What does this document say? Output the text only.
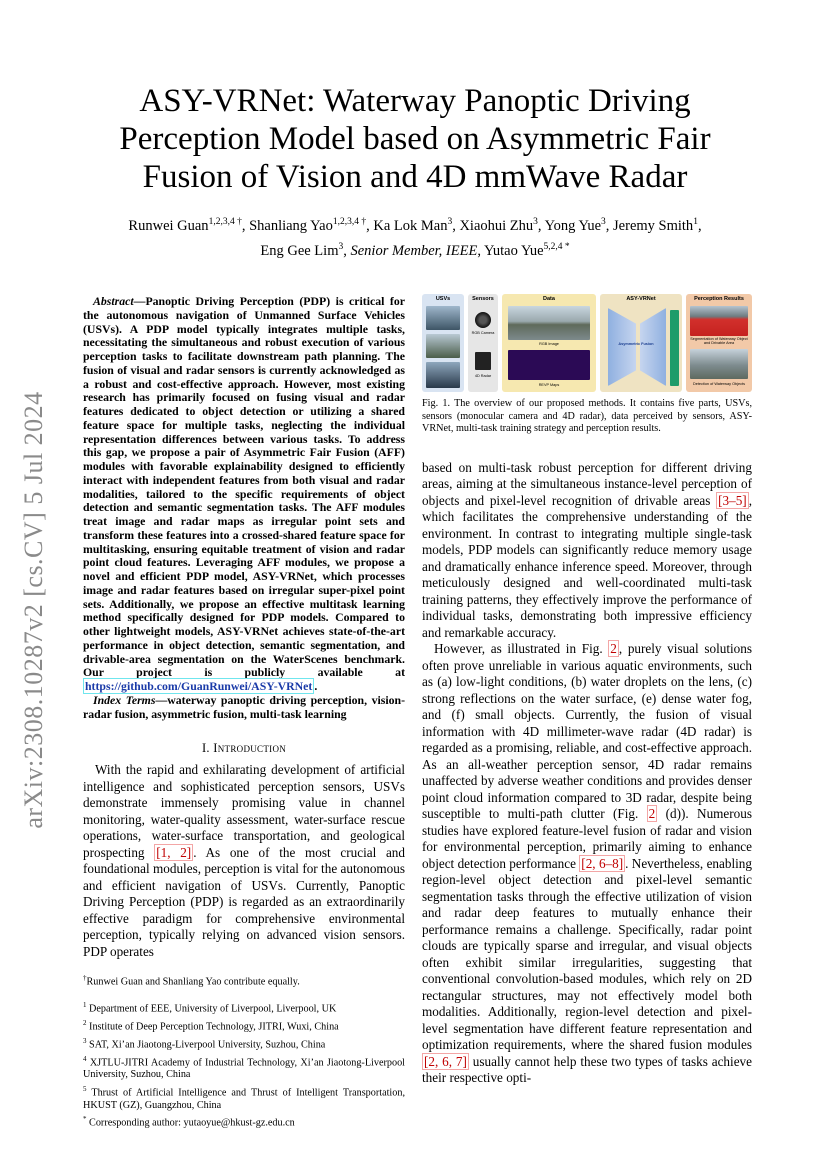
arXiv:2308.10287v2 [cs.CV] 5 Jul 2024
ASY-VRNet: Waterway Panoptic Driving Perception Model based on Asymmetric Fair Fusion of Vision and 4D mmWave Radar
Runwei Guan$^{1,2,3,4 \dagger}$, Shanliang Yao$^{1,2,3,4 \dagger}$, Ka Lok Man$^3$, Xiaohui Zhu$^3$, Yong Yue$^3$, Jeremy Smith$^1$,
Eng Gee Lim$^3$, Senior Member, IEEE, Yutao Yue$^{5,2,4 *}$

Abstract—Panoptic Driving Perception (PDP) is critical for the autonomous navigation of Unmanned Surface Vehicles (USVs). A PDP model typically integrates multiple tasks, necessitating the simultaneous and robust execution of various perception tasks to facilitate downstream path planning. The fusion of visual and radar sensors is currently acknowledged as a robust and cost-effective approach. However, most existing research has primarily focused on fusing visual and radar features dedicated to object detection or utilizing a shared feature space for multiple tasks, neglecting the individual representation differences between various tasks. To address this gap, we propose a pair of Asymmetric Fair Fusion (AFF) modules with favorable explainability designed to efficiently interact with independent features from both visual and radar modalities, tailored to the specific requirements of object detection and semantic segmentation tasks. The AFF modules treat image and radar maps as irregular point sets and transform these features into a crossed-shared feature space for multitasking, ensuring equitable treatment of vision and radar point cloud features. Leveraging AFF modules, we propose a novel and efficient PDP model, ASY-VRNet, which processes image and radar features based on irregular super-pixel point sets. Additionally, we propose an effective multitask learning method specifically designed for PDP models. Compared to other lightweight models, ASY-VRNet achieves state-of-the-art performance in object detection, semantic segmentation, and drivable-area segmentation on the WaterScenes benchmark. Our project is publicly available at https://github.com/GuanRunwei/ASY-VRNet .

Index Terms—waterway panoptic driving perception, vision-radar fusion, asymmetric fusion, multi-task learning

I. Introduction

With the rapid and exhilarating development of artificial intelligence and sophisticated perception sensors, USVs demonstrate immensely promising value in channel monitoring, water-quality assessment, water-surface rescue operations, water-surface transportation, and geological prospecting [1, 2] . As one of the most crucial and foundational modules, perception is vital for the autonomous and efficient navigation of USVs. Currently, Panoptic Driving Perception (PDP) is regarded as an extraordinarily effective paradigm for comprehensive environmental perception, typically relying on advanced vision sensors. PDP operates

†Runwei Guan and Shanliang Yao contribute equally.
$^1$ Department of EEE, University of Liverpool, Liverpool, UK
$^2$ Institute of Deep Perception Technology, JITRI, Wuxi, China
$^3$ SAT, Xi’an Jiaotong-Liverpool University, Suzhou, China
$^4$ XJTLU-JITRI Academy of Industrial Technology, Xi’an Jiaotong-Liverpool University, Suzhou, China
$^5$ Thrust of Artificial Intelligence and Thrust of Intelligent Transportation, HKUST (GZ), Guangzhou, China
* Corresponding author: yutaoyue@hkust-gz.edu.cn
USVs	Sensors
RGB Camera
4D Radar
Data
RGB Image
REVP Maps
ASY-VRNet
Asymmetric Fusion
Perception Results
Segmentation of Waterway Object and Drivable Area
Detection of Waterway Objects

Fig. 1. The overview of our proposed methods. It contains five parts, USVs, sensors (monocular camera and 4D radar), data perceived by sensors, ASY-VRNet, multi-task training strategy and perception results.

based on multi-task robust perception for different driving areas, aiming at the simultaneous instance-level perception of objects and pixel-level recognition of drivable areas [3–5] , which facilitates the comprehensive understanding of the environment. In contrast to integrating multiple single-task models, PDP models can significantly reduce memory usage and dramatically enhance inference speed. Moreover, through meticulously designed and well-coordinated multi-task training patterns, they effectively improve the performance of individual tasks, demonstrating both impressive efficiency and remarkable accuracy.

However, as illustrated in Fig. 2 , purely visual solutions often prove unreliable in various aquatic environments, such as (a) low-light conditions, (b) water droplets on the lens, (c) strong reflections on the water surface, (e) dense water fog, and (f) small objects. Currently, the fusion of visual information with 4D millimeter-wave radar (4D radar) is regarded as a promising, reliable, and cost-effective approach. As an all-weather perception sensor, 4D radar remains unaffected by adverse weather conditions and provides denser point cloud information compared to 3D radar, despite being susceptible to multi-path clutter (Fig. 2 (d)). Numerous studies have explored feature-level fusion of radar and vision for environmental perception, primarily aiming to enhance object detection performance [2, 6–8] . Nevertheless, enabling region-level object detection and pixel-level semantic segmentation tasks through the effective utilization of vision and radar deep features to mutually enhance their performance remains a challenge. Specifically, radar point clouds are typically sparse and irregular, and visual objects often exhibit similar irregularities, suggesting that conventional convolution-based modules, which rely on 2D rectangular structures, may not effectively model both modalities. Additionally, region-level detection and pixel-level segmentation have different feature representation and optimization requirements, where the shared fusion modules [2, 6, 7] usually cannot help these two types of tasks achieve their respective opti-
